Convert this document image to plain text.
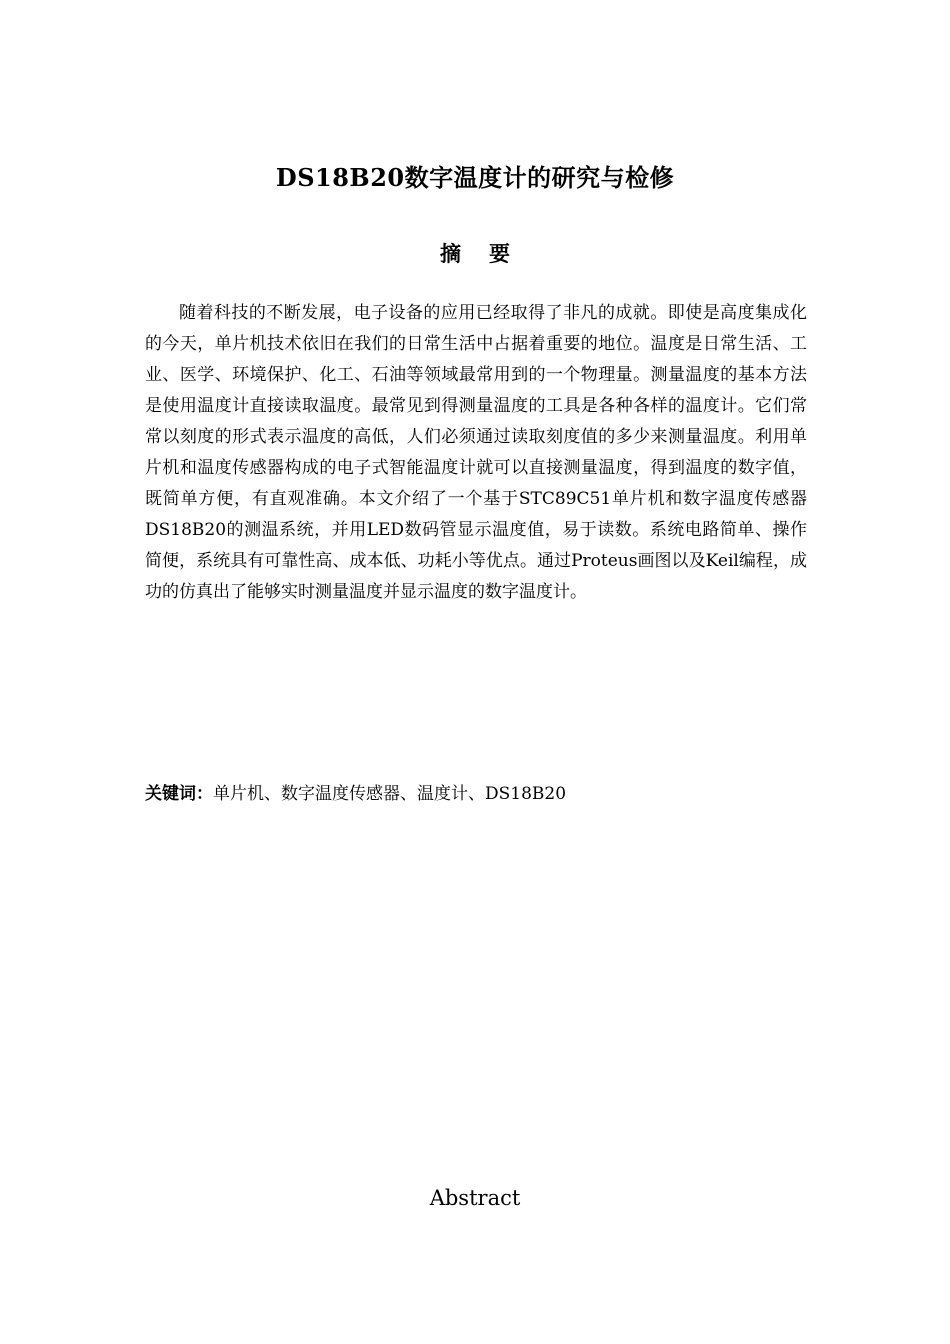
DS18B20数字温度计的研究与检修
摘要

随着科技的不断发展，电子设备的应用已经取得了非凡的成就。即使是高度集成化的今天，单片机技术依旧在我们的日常生活中占据着重要的地位。温度是日常生活、工业、医学、环境保护、化工、石油等领域最常用到的一个物理量。测量温度的基本方法是使用温度计直接读取温度。最常见到得测量温度的工具是各种各样的温度计。它们常常以刻度的形式表示温度的高低，人们必须通过读取刻度值的多少来测量温度。利用单片机和温度传感器构成的电子式智能温度计就可以直接测量温度，得到温度的数字值，既简单方便，有直观准确。本文介绍了一个基于STC89C51单片机和数字温度传感器DS18B20的测温系统，并用LED数码管显示温度值，易于读数。系统电路简单、操作简便，系统具有可靠性高、成本低、功耗小等优点。通过Proteus画图以及Keil编程，成功的仿真出了能够实时测量温度并显示温度的数字温度计。

关键词：单片机、数字温度传感器、温度计、DS18B20

Abstract
